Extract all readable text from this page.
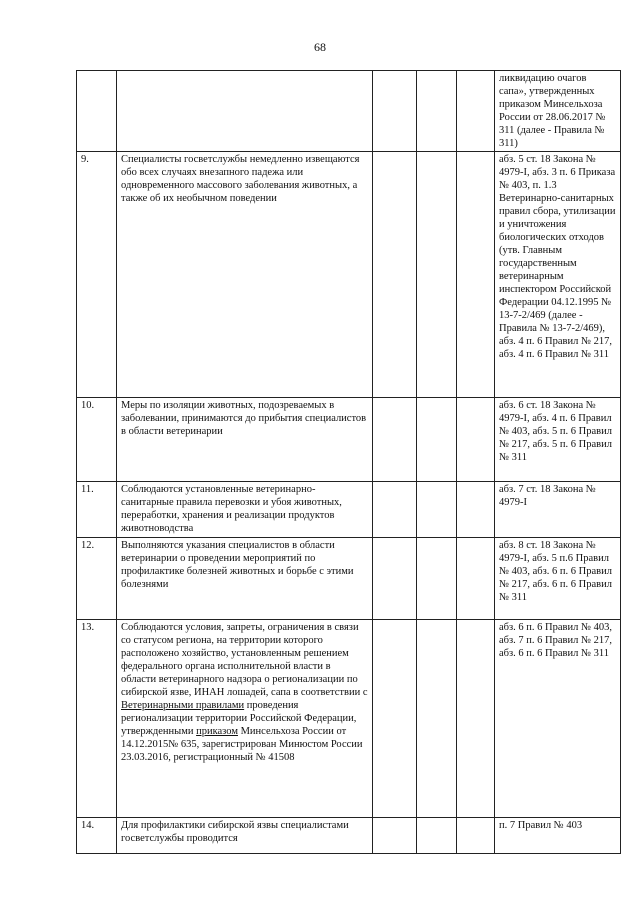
68
					ликвидацию очагов сапа», утвержденных приказом Минсельхоза России от 28.06.2017 № 311 (далее - Правила № 311)
9.	Специалисты госветслужбы немедленно извещаются обо всех случаях внезапного падежа или одновременного массового заболевания животных, а также об их необычном поведении				абз. 5 ст. 18 Закона № 4979-I, абз. 3 п. 6 Приказа № 403, п. 1.3 Ветеринарно-санитарных правил сбора, утилизации и уничтожения биологических отходов (утв. Главным государственным ветеринарным инспектором Российской Федерации 04.12.1995 № 13-7-2/469 (далее - Правила № 13-7-2/469), абз. 4 п. 6 Правил № 217, абз. 4 п. 6 Правил № 311
10.	Меры по изоляции животных, подозреваемых в заболевании, принимаются до прибытия специалистов в области ветеринарии				абз. 6 ст. 18 Закона № 4979-I, абз. 4 п. 6 Правил № 403, абз. 5 п. 6 Правил № 217, абз. 5 п. 6 Правил № 311
11.	Соблюдаются установленные ветеринарно-санитарные правила перевозки и убоя животных, переработки, хранения и реализации продуктов животноводства				абз. 7 ст. 18 Закона № 4979-I
12.	Выполняются указания специалистов в области ветеринарии о проведении мероприятий по профилактике болезней животных и борьбе с этими болезнями				абз. 8 ст. 18 Закона № 4979-I, абз. 5 п.6 Правил № 403, абз. 6 п. 6 Правил № 217, абз. 6 п. 6 Правил № 311
13.	Соблюдаются условия, запреты, ограничения в связи со статусом региона, на территории которого расположено хозяйство, установленным решением федерального органа исполнительной власти в области ветеринарного надзора о регионализации по сибирской язве, ИНАН лошадей, сапа в соответствии с Ветеринарными правилами проведения регионализации территории Российской Федерации, утвержденными приказом Минсельхоза России от 14.12.2015№ 635, зарегистрирован Минюстом России 23.03.2016, регистрационный № 41508				абз. 6 п. 6 Правил № 403, абз. 7 п. 6 Правил № 217, абз. 6 п. 6 Правил № 311
14.	Для профилактики сибирской язвы специалистами госветслужбы проводится				п. 7 Правил № 403
